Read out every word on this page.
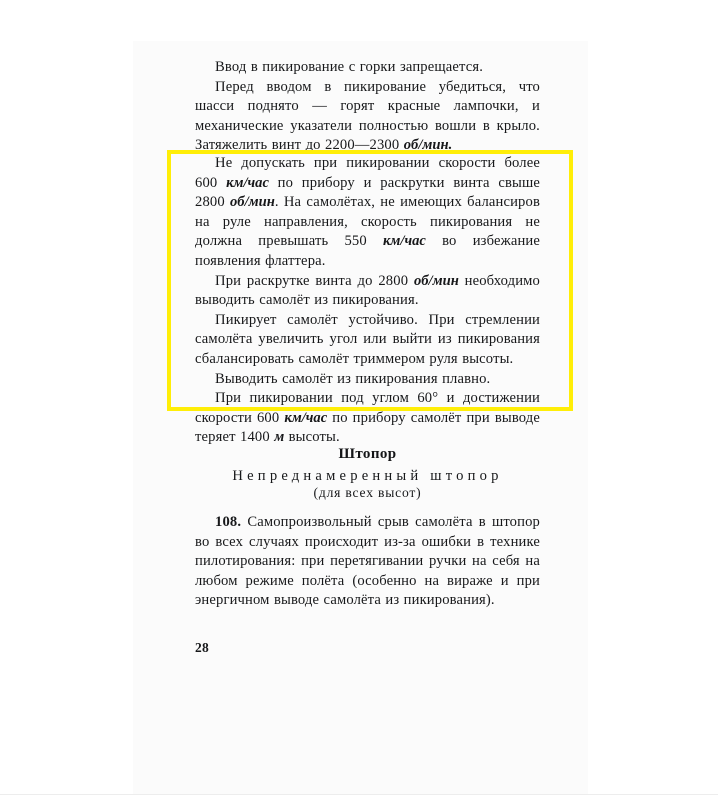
Ввод в пикирование с горки запрещается.

Перед вводом в пикирование убедиться, что шасси поднято — горят красные лампочки, и механические указатели полностью вошли в крыло. Затяжелить винт до 2200—2300 об/мин.

Штопор

Непреднамеренный штопор

(для всех высот)

108. Самопроизвольный срыв самолёта в штопор во всех случаях происходит из-за ошибки в технике пилотирования: при перетягивании ручки на себя на любом режиме полёта (особенно на вираже и при энергичном выводе самолёта из пикирования).

28

Не допускать при пикировании скорости более 600 км/час по прибору и раскрутки винта свыше 2800 об/мин. На самолётах, не имеющих балансиров на руле направления, скорость пикирования не должна превышать 550 км/час во избежание появления флаттера.

При раскрутке винта до 2800 об/мин необходимо выводить самолёт из пикирования.

Пикирует самолёт устойчиво. При стремлении самолёта увеличить угол или выйти из пикирования сбалансировать самолёт триммером руля высоты.

Выводить самолёт из пикирования плавно.

При пикировании под углом 60° и достижении скорости 600 км/час по прибору самолёт при выводе теряет 1400 м высоты.
